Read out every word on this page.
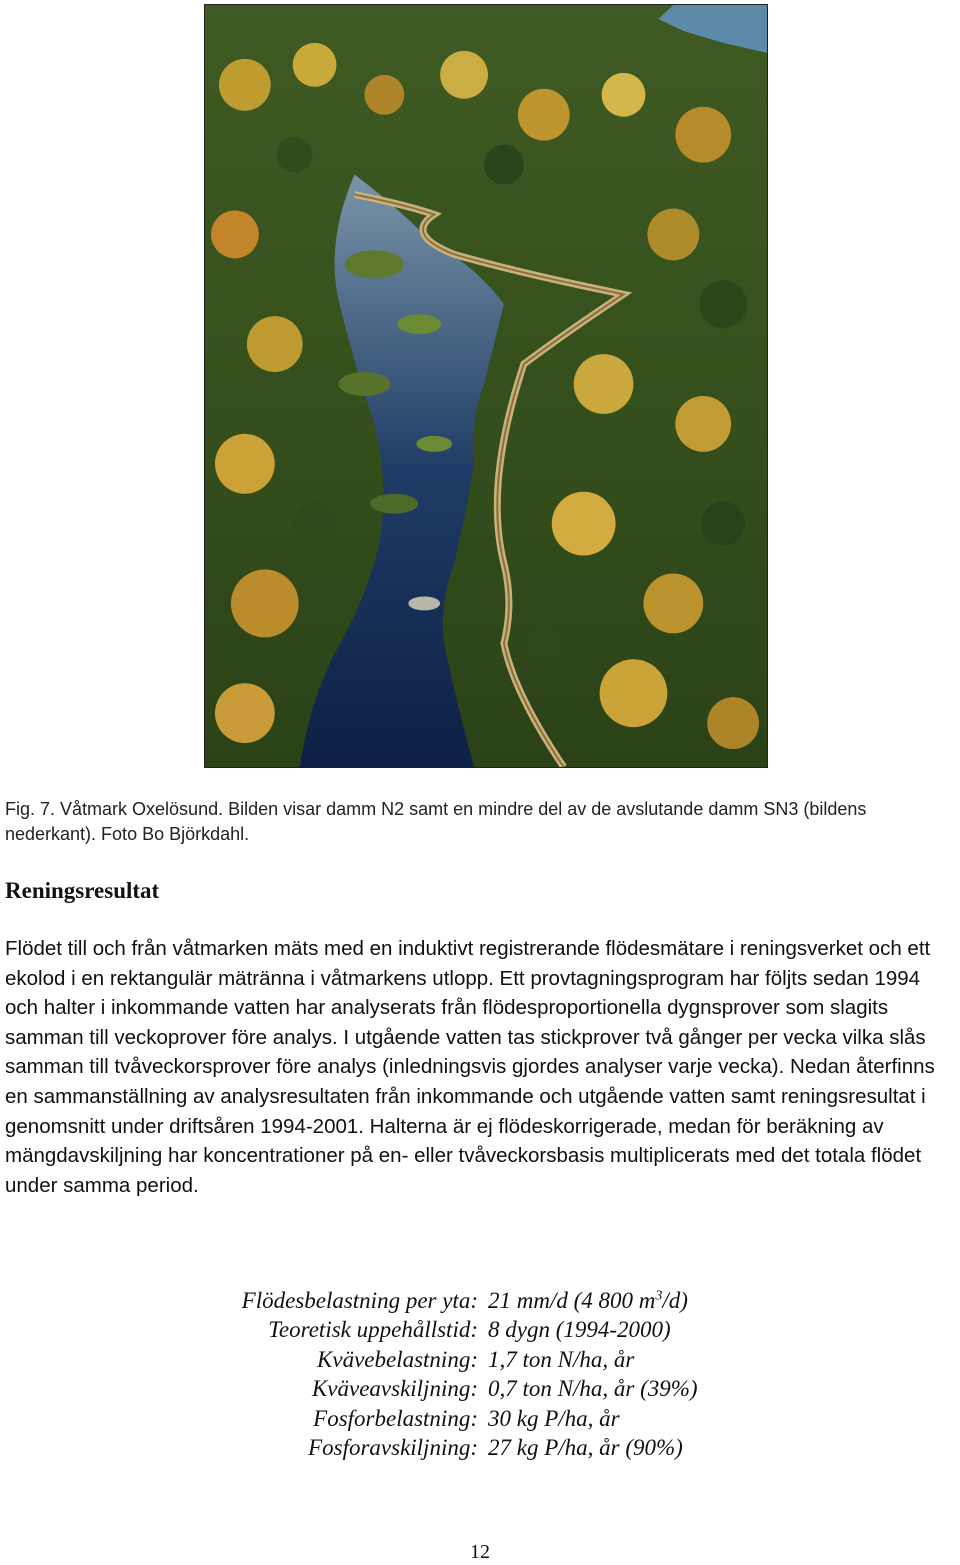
Fig. 7. Våtmark Oxelösund. Bilden visar damm N2 samt en mindre del av de avslutande damm SN3 (bildens nederkant). Foto Bo Björkdahl.
Reningsresultat

Flödet till och från våtmarken mäts med en induktivt registrerande flödesmätare i reningsverket och ett ekolod i en rektangulär mätränna i våtmarkens utlopp. Ett provtagningsprogram har följts sedan 1994 och halter i inkommande vatten har analyserats från flödesproportionella dygnsprover som slagits samman till veckoprover före analys. I utgående vatten tas stickprover två gånger per vecka vilka slås samman till tvåveckorsprover före analys (inledningsvis gjordes analyser varje vecka). Nedan återfinns en sammanställning av analysresultaten från inkommande och utgående vatten samt reningsresultat i genomsnitt under driftsåren 1994-2001. Halterna är ej flödeskorrigerade, medan för beräkning av mängdavskiljning har koncentrationer på en- eller tvåveckorsbasis multiplicerats med det totala flödet under samma period.

Flödesbelastning per yta:	21 mm/d (4 800 $m^3/d$)
Teoretisk uppehållstid:	8 dygn (1994-2000)
Kvävebelastning:	1,7 ton N/ha, år
Kväveavskiljning:	0,7 ton N/ha, år (39%)
Fosforbelastning:	30 kg P/ha, år
Fosforavskiljning:	27 kg P/ha, år (90%)
12
